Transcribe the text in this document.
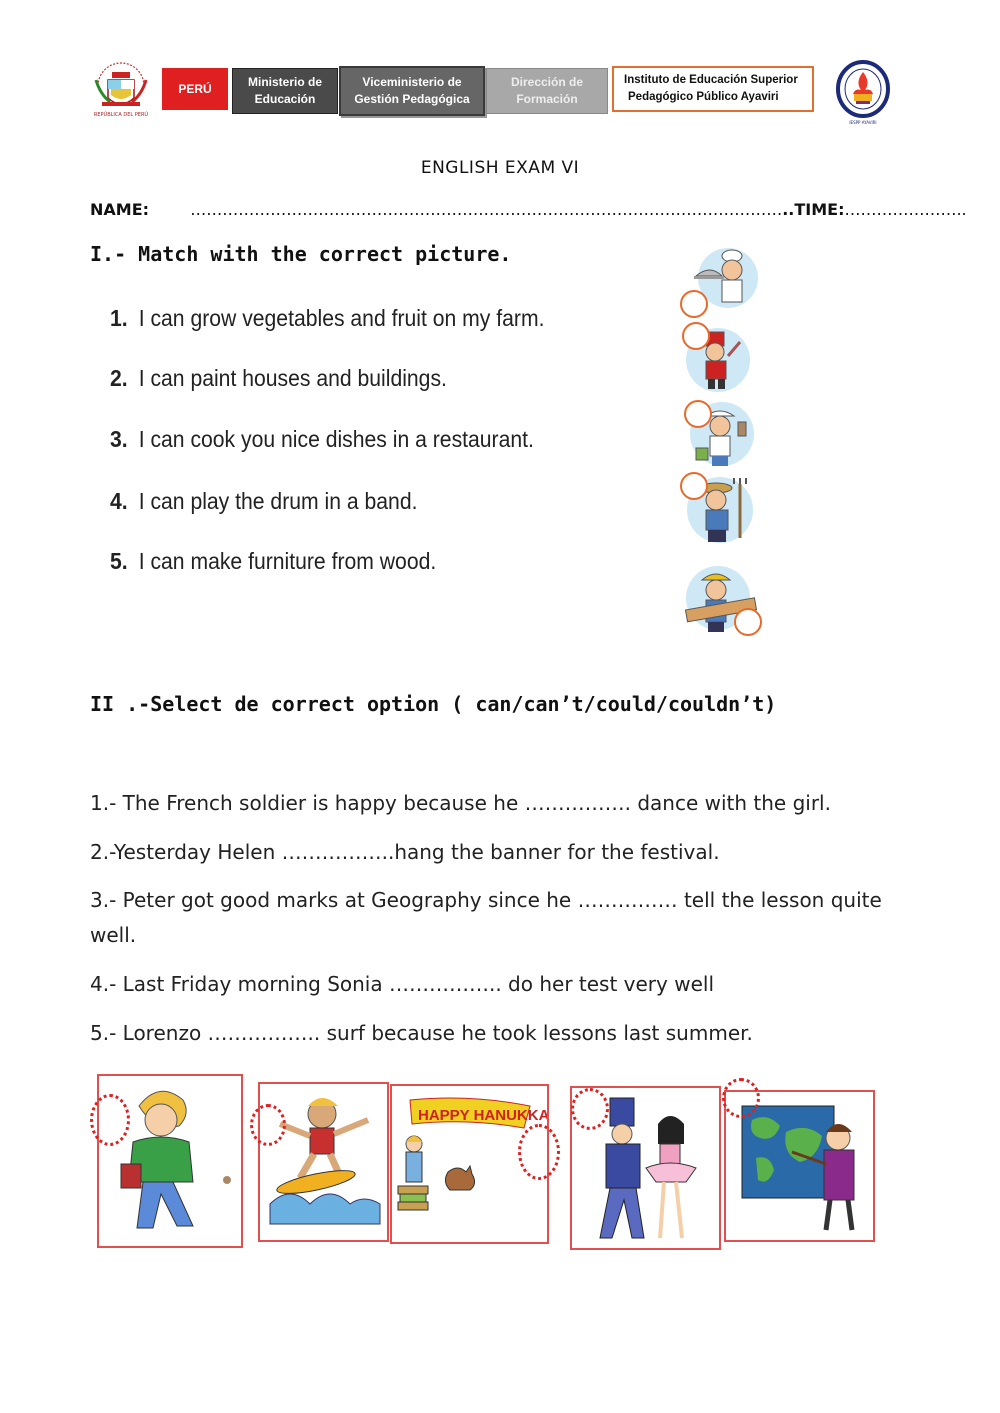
REPÚBLICA DEL PERÚ
PERÚ	Ministerio de Educación
Viceministerio de Gestión Pedagógica
Dirección de Formación
Instituto de Educación Superior
Pedagógico Público Ayaviri
IESPP AYAVIRI
ENGLISH EXAM VI
NAME:	…………………………………………………………………………………………………..TIME:…………………..
I.- Match with the correct picture.
1. I can grow vegetables and fruit on my farm.
2. I can paint houses and buildings.
3. I can cook you nice dishes in a restaurant.
4. I can play the drum in a band.
5. I can make furniture from wood.
II .-Select de correct option ( can/can’t/could/couldn’t)
1.- The French soldier is happy because he ……………. dance with the girl.
2.-Yesterday Helen ……………..hang the banner for the festival.
3.- Peter got good marks at Geography since he …………… tell the lesson quite well.
4.- Last Friday morning Sonia …………….. do her test very well
5.- Lorenzo …………….. surf because he took lessons last summer.
HAPPY HANUKKA
